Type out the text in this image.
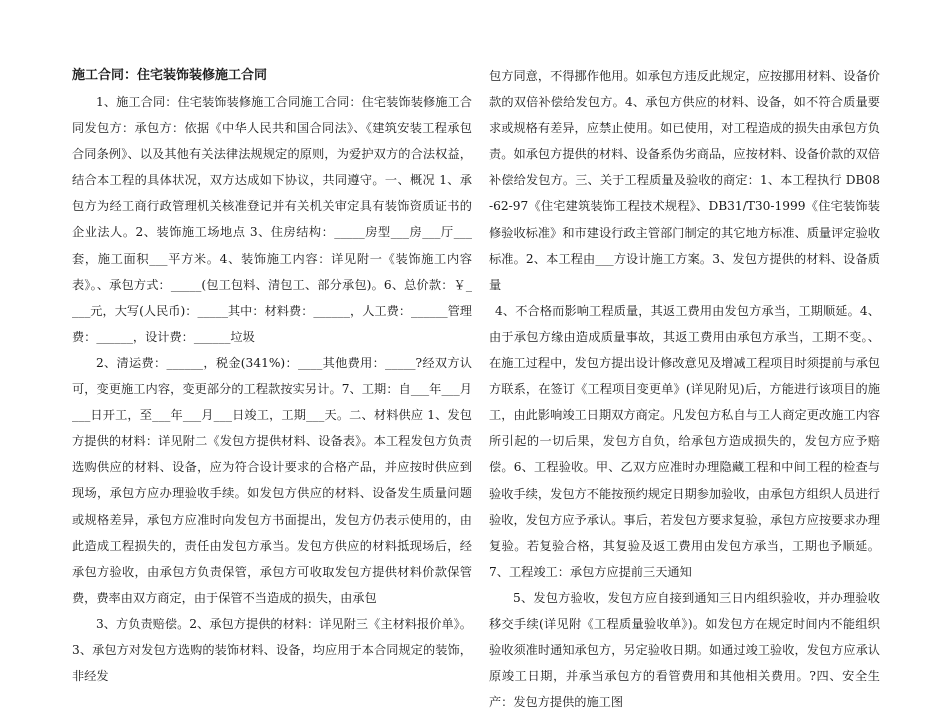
施工合同：住宅装饰装修施工合同

1、施工合同：住宅装饰装修施工合同施工合同：住宅装饰装修施工合同发包方：承包方：依据《中华人民共和国合同法》、《建筑安装工程承包合同条例》、以及其他有关法律法规规定的原则，为爱护双方的合法权益，结合本工程的具体状况，双方达成如下协议，共同遵守。一、概况 1、承包方为经工商行政管理机关核准登记并有关机关审定具有装饰资质证书的企业法人。2、装饰施工场地点 3、住房结构：_____房型___房___厅___套，施工面积___平方米。4、装饰施工内容：详见附一《装饰施工内容表》。、承包方式：_____(包工包料、清包工、部分承包)。6、总价款：￥____元，大写(人民币)：_____其中：材料费：______，人工费：______管理费：______，设计费：______垃圾

2、清运费：______，税金(341%)：____其他费用：_____?经双方认可，变更施工内容，变更部分的工程款按实另计。7、工期：自___年___月___日开工，至___年___月___日竣工，工期___天。二、材料供应 1、发包方提供的材料：详见附二《发包方提供材料、设备表》。本工程发包方负责选购供应的材料、设备，应为符合设计要求的合格产品，并应按时供应到现场，承包方应办理验收手续。如发包方供应的材料、设备发生质量问题或规格差异，承包方应准时向发包方书面提出，发包方仍表示使用的，由此造成工程损失的，责任由发包方承当。发包方供应的材料抵现场后，经承包方验收，由承包方负责保管，承包方可收取发包方提供材料价款保管费，费率由双方商定，由于保管不当造成的损失，由承包

3、方负责赔偿。2、承包方提供的材料：详见附三《主材料报价单》。3、承包方对发包方选购的装饰材料、设备，均应用于本合同规定的装饰，非经发

包方同意，不得挪作他用。如承包方违反此规定，应按挪用材料、设备价款的双倍补偿给发包方。4、承包方供应的材料、设备，如不符合质量要求或规格有差异，应禁止使用。如已使用，对工程造成的损失由承包方负责。如承包方提供的材料、设备系伪劣商品，应按材料、设备价款的双倍补偿给发包方。三、关于工程质量及验收的商定：1、本工程执行 DB08-62-97《住宅建筑装饰工程技术规程》、DB31/T30-1999《住宅装饰装修验收标准》和市建设行政主管部门制定的其它地方标准、质量评定验收标准。2、本工程由___方设计施工方案。3、发包方提供的材料、设备质量

4、不合格而影响工程质量，其返工费用由发包方承当，工期顺延。4、由于承包方缘由造成质量事故，其返工费用由承包方承当，工期不变。、在施工过程中，发包方提出设计修改意见及增减工程项目时须提前与承包方联系，在签订《工程项目变更单》(详见附见)后，方能进行该项目的施工，由此影响竣工日期双方商定。凡发包方私自与工人商定更改施工内容所引起的一切后果，发包方自负，给承包方造成损失的，发包方应予赔偿。6、工程验收。甲、乙双方应准时办理隐藏工程和中间工程的检查与验收手续，发包方不能按预约规定日期参加验收，由承包方组织人员进行验收，发包方应予承认。事后，若发包方要求复验，承包方应按要求办理复验。若复验合格，其复验及返工费用由发包方承当，工期也予顺延。7、工程竣工：承包方应提前三天通知

5、发包方验收，发包方应自接到通知三日内组织验收，并办理验收移交手续(详见附《工程质量验收单》)。如发包方在规定时间内不能组织验收须准时通知承包方，另定验收日期。如通过竣工验收，发包方应承认原竣工日期，并承当承包方的看管费用和其他相关费用。?四、安全生产：发包方提供的施工图
